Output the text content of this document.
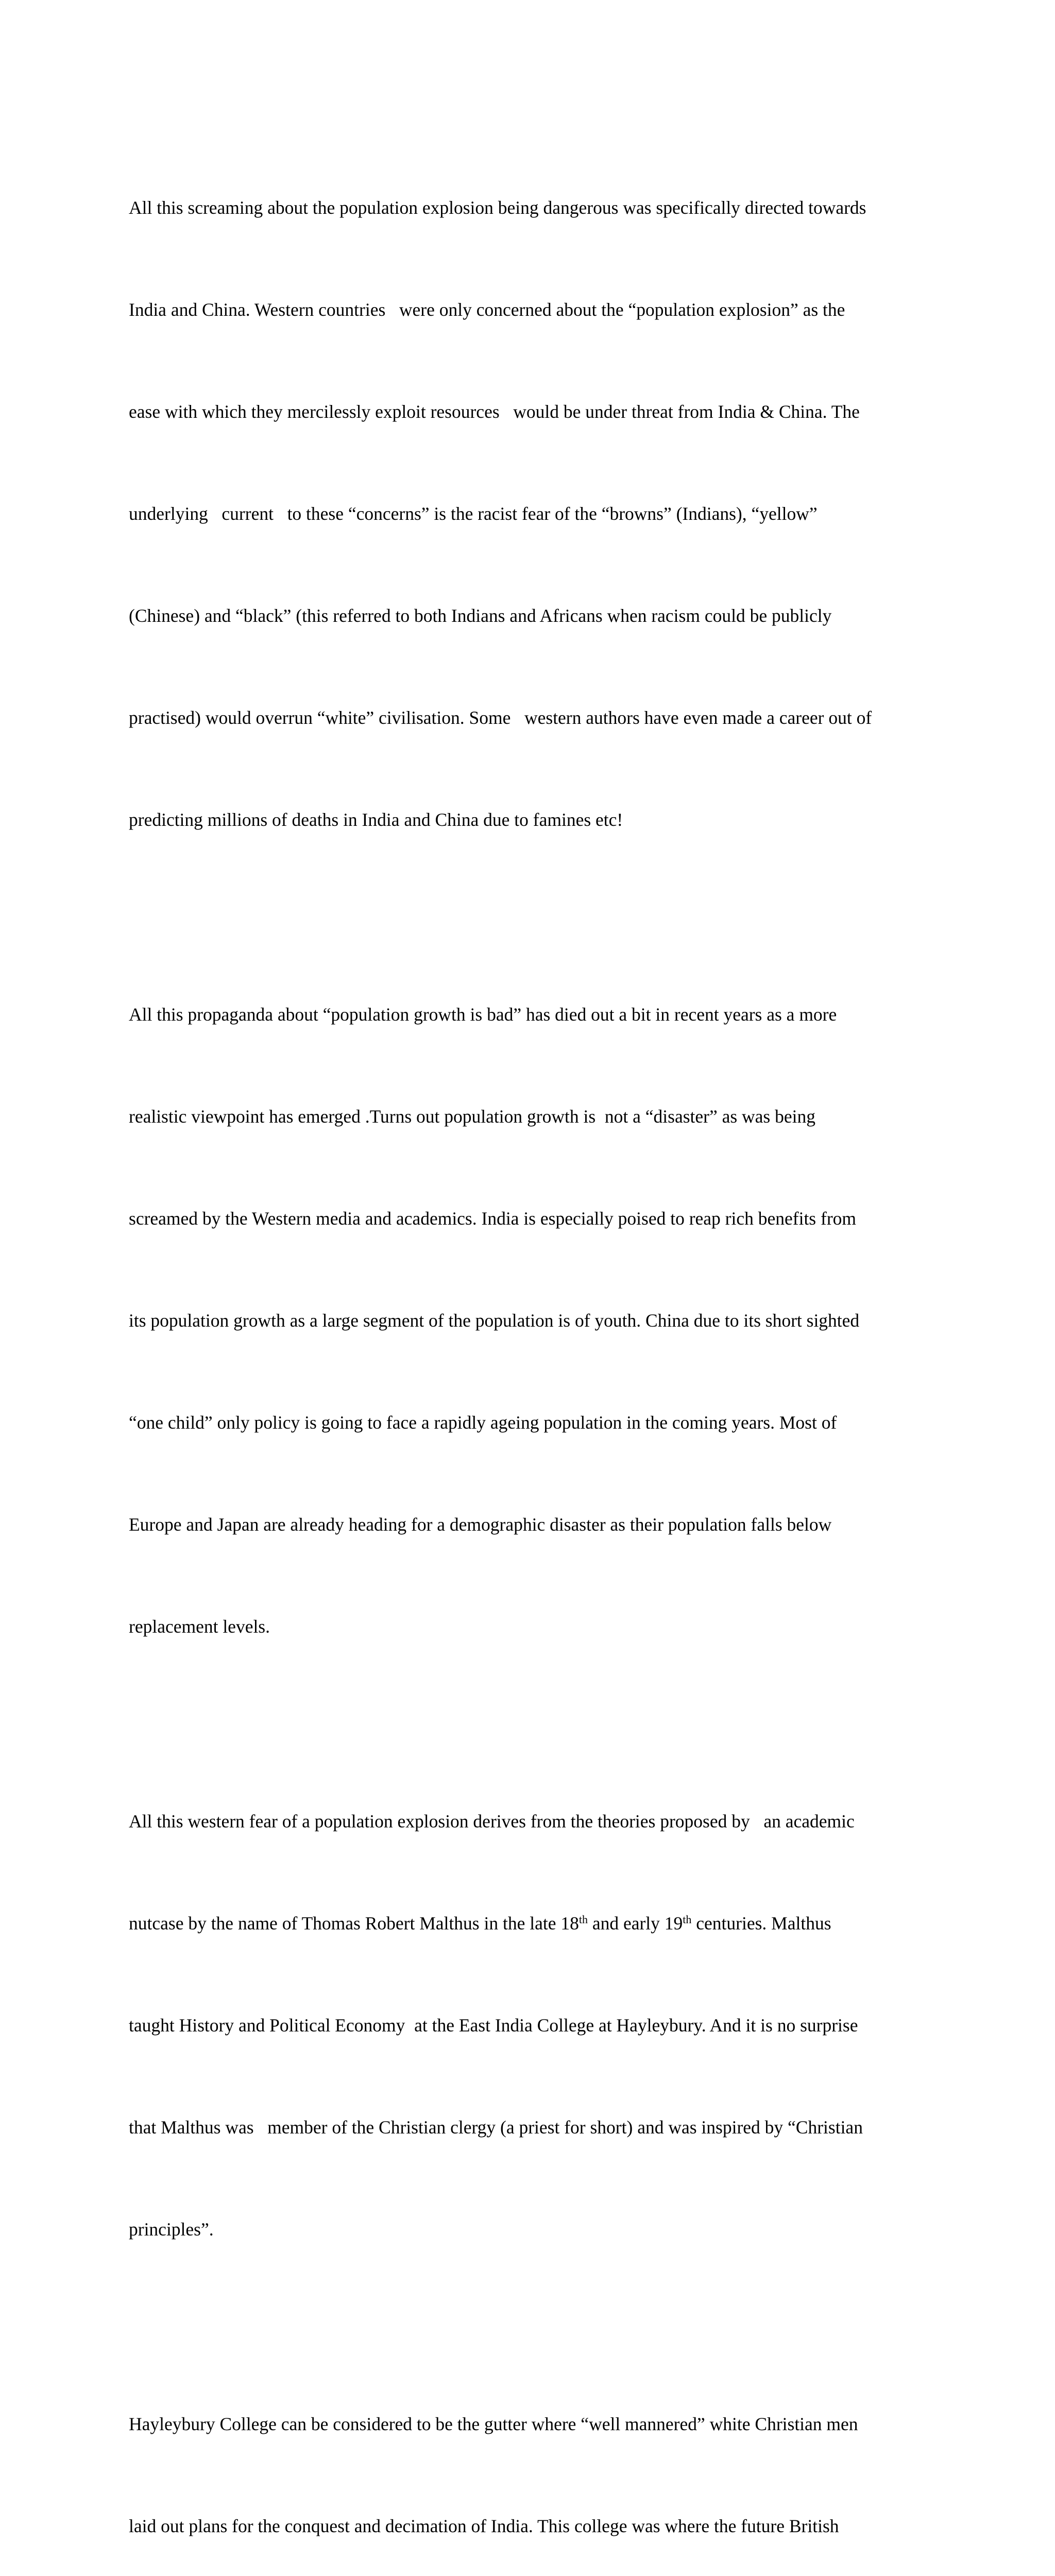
All this screaming about the population explosion being dangerous was specifically directed towards

India and China. Western countries   were only concerned about the “population explosion” as the

ease with which they mercilessly exploit resources   would be under threat from India & China. The

underlying   current   to these “concerns” is the racist fear of the “browns” (Indians), “yellow”

(Chinese) and “black” (this referred to both Indians and Africans when racism could be publicly

practised) would overrun “white” civilisation. Some   western authors have even made a career out of

predicting millions of deaths in India and China due to famines etc!

All this propaganda about “population growth is bad” has died out a bit in recent years as a more

realistic viewpoint has emerged .Turns out population growth is  not a “disaster” as was being

screamed by the Western media and academics. India is especially poised to reap rich benefits from

its population growth as a large segment of the population is of youth. China due to its short sighted

“one child” only policy is going to face a rapidly ageing population in the coming years. Most of

Europe and Japan are already heading for a demographic disaster as their population falls below

replacement levels.

All this western fear of a population explosion derives from the theories proposed by   an academic

nutcase by the name of Thomas Robert Malthus in the late 18th and early 19th centuries. Malthus

taught History and Political Economy  at the East India College at Hayleybury. And it is no surprise

that Malthus was   member of the Christian clergy (a priest for short) and was inspired by “Christian

principles”.

Hayleybury College can be considered to be the gutter where “well mannered” white Christian men

laid out plans for the conquest and decimation of India. This college was where the future British
